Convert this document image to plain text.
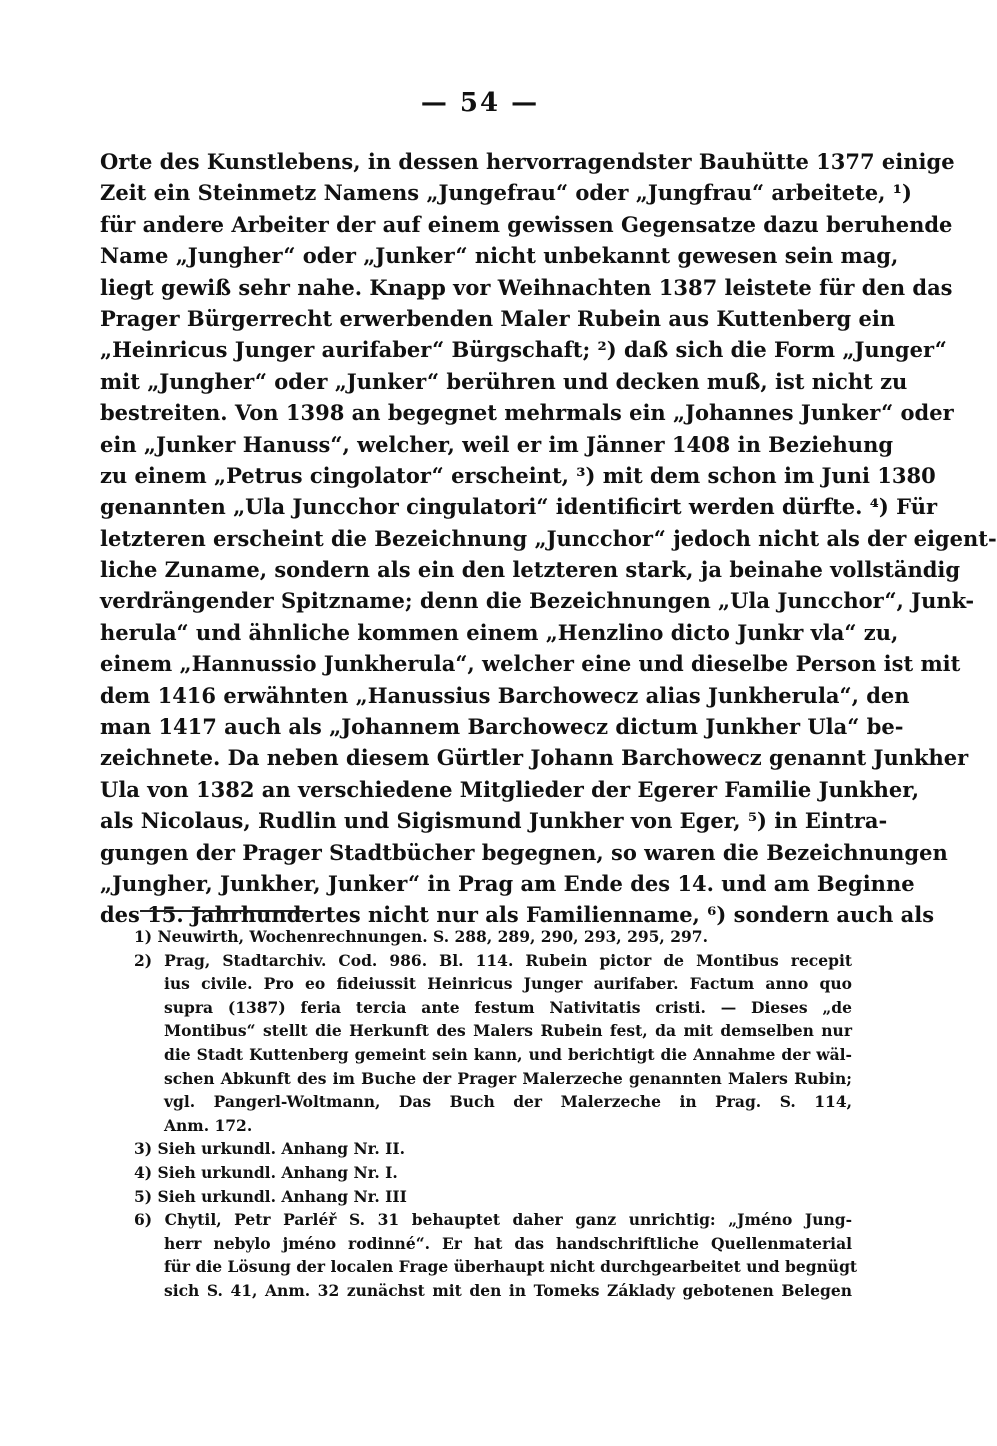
— 54 —
Orte des Kunstlebens, in dessen hervorragendster Bauhütte 1377 einige
Zeit ein Steinmetz Namens „Jungefrau“ oder „Jungfrau“ arbeitete, ¹)
für andere Arbeiter der auf einem gewissen Gegensatze dazu beruhende
Name „Jungher“ oder „Junker“ nicht unbekannt gewesen sein mag,
liegt gewiß sehr nahe. Knapp vor Weihnachten 1387 leistete für den das
Prager Bürgerrecht erwerbenden Maler Rubein aus Kuttenberg ein
„Heinricus Junger aurifaber“ Bürgschaft; ²) daß sich die Form „Junger“
mit „Jungher“ oder „Junker“ berühren und decken muß, ist nicht zu
bestreiten. Von 1398 an begegnet mehrmals ein „Johannes Junker“ oder
ein „Junker Hanuss“, welcher, weil er im Jänner 1408 in Beziehung
zu einem „Petrus cingolator“ erscheint, ³) mit dem schon im Juni 1380
genannten „Ula Juncchor cingulatori“ identificirt werden dürfte. ⁴) Für
letzteren erscheint die Bezeichnung „Juncchor“ jedoch nicht als der eigent-
liche Zuname, sondern als ein den letzteren stark, ja beinahe vollständig
verdrängender Spitzname; denn die Bezeichnungen „Ula Juncchor“, Junk-
herula“ und ähnliche kommen einem „Henzlino dicto Junkr vla“ zu,
einem „Hannussio Junkherula“, welcher eine und dieselbe Person ist mit
dem 1416 erwähnten „Hanussius Barchowecz alias Junkherula“, den
man 1417 auch als „Johannem Barchowecz dictum Junkher Ula“ be-
zeichnete. Da neben diesem Gürtler Johann Barchowecz genannt Junkher
Ula von 1382 an verschiedene Mitglieder der Egerer Familie Junkher,
als Nicolaus, Rudlin und Sigismund Junkher von Eger, ⁵) in Eintra-
gungen der Prager Stadtbücher begegnen, so waren die Bezeichnungen
„Jungher, Junkher, Junker“ in Prag am Ende des 14. und am Beginne
des 15. Jahrhundertes nicht nur als Familienname, ⁶) sondern auch als
1) Neuwirth, Wochenrechnungen. S. 288, 289, 290, 293, 295, 297.
2) Prag, Stadtarchiv. Cod. 986. Bl. 114. Rubein pictor de Montibus recepit
ius civile. Pro eo fideiussit Heinricus Junger aurifaber. Factum anno quo
supra (1387) feria tercia ante festum Nativitatis cristi. — Dieses „de
Montibus“ stellt die Herkunft des Malers Rubein fest, da mit demselben nur
die Stadt Kuttenberg gemeint sein kann, und berichtigt die Annahme der wäl-
schen Abkunft des im Buche der Prager Malerzeche genannten Malers Rubin;
vgl. Pangerl-Woltmann, Das Buch der Malerzeche in Prag. S. 114,
Anm. 172.
3) Sieh urkundl. Anhang Nr. II.
4) Sieh urkundl. Anhang Nr. I.
5) Sieh urkundl. Anhang Nr. III
6) Chytil, Petr Parléř S. 31 behauptet daher ganz unrichtig: „Jméno Jung-
herr nebylo jméno rodinné“. Er hat das handschriftliche Quellenmaterial
für die Lösung der localen Frage überhaupt nicht durchgearbeitet und begnügt
sich S. 41, Anm. 32 zunächst mit den in Tomeks Základy gebotenen Belegen
